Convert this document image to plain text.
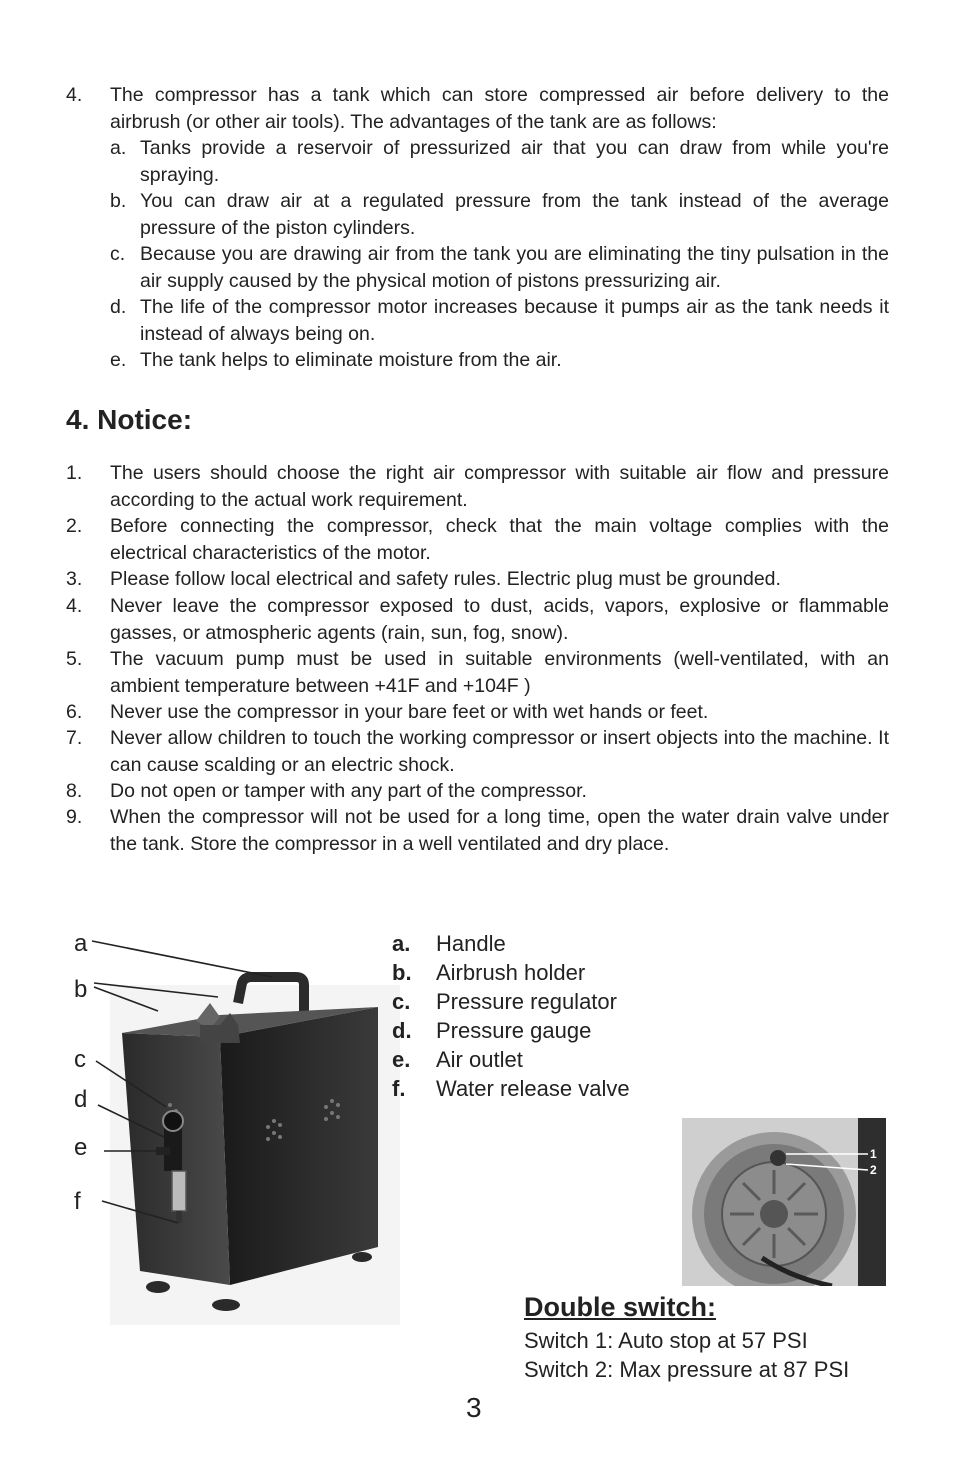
4. The compressor has a tank which can store compressed air before delivery to the airbrush (or other air tools). The advantages of the tank are as follows:
a. Tanks provide a reservoir of pressurized air that you can draw from while you're spraying.
b. You can draw air at a regulated pressure from the tank instead of the average pressure of the piston cylinders.
c. Because you are drawing air from the tank you are eliminating the tiny pulsation in the air supply caused by the physical motion of pistons pressurizing air.
d. The life of the compressor motor increases because it pumps air as the tank needs it instead of always being on.
e. The tank helps to eliminate moisture from the air.
4. Notice:
1. The users should choose the right air compressor with suitable air flow and pressure according to the actual work requirement.
2. Before connecting the compressor, check that the main voltage complies with the electrical characteristics of the motor.
3. Please follow local electrical and safety rules. Electric plug must be grounded.
4. Never leave the compressor exposed to dust, acids, vapors, explosive or flammable gasses, or atmospheric agents (rain, sun, fog, snow).
5. The vacuum pump must be used in suitable environments (well-ventilated, with an ambient temperature between +41F and +104F )
6. Never use the compressor in your bare feet or with wet hands or feet.
7. Never allow children to touch the working compressor or insert objects into the machine. It can cause scalding or an electric shock.
8. Do not open or tamper with any part of the compressor.
9. When the compressor will not be used for a long time, open the water drain valve under the tank. Store the compressor in a well ventilated and dry place.
a
b
c
d
e
f
a. Handle
b. Airbrush holder
c. Pressure regulator
d. Pressure gauge
e. Air outlet
f. Water release valve
1
2
Double switch:
Switch 1: Auto stop at 57 PSI
Switch 2: Max pressure at 87 PSI
3
